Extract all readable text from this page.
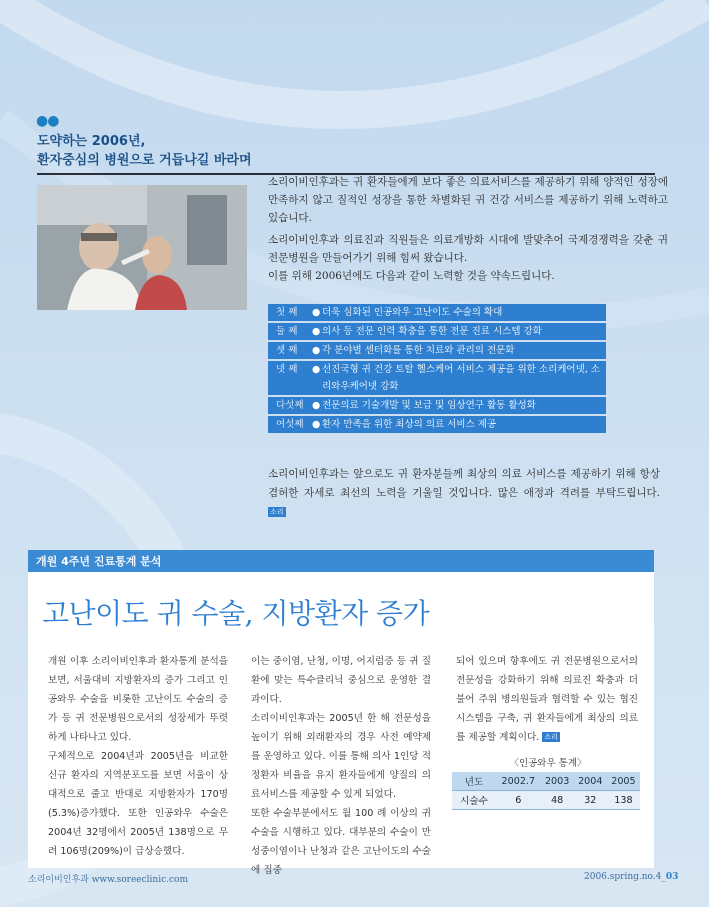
●●
도약하는 2006년,
환자중심의 병원으로 거듭나길 바라며

소리이비인후과는 귀 환자들에게 보다 좋은 의료서비스를 제공하기 위해 양적인 성장에 만족하지 않고 질적인 성장을 통한 차별화된 귀 건강 서비스를 제공하기 위해 노력하고 있습니다.

소리이비인후과 의료진과 직원들은 의료개방화 시대에 발맞추어 국제경쟁력을 갖춘 귀 전문병원을 만들어가기 위해 힘써 왔습니다.

이를 위해 2006년에도 다음과 같이 노력할 것을 약속드립니다.

첫 째	● 더욱 심화된 인공와우 고난이도 수술의 확대
둘 째	● 의사 등 전문 인력 확충을 통한 전문 진료 시스템 강화
셋 째	● 각 분야별 센터화를 통한 치료와 관리의 전문화
넷 째	● 선진국형 귀 건강 토탈 헬스케어 서비스 제공을 위한 소리케어넷, 소리와우케어넷 강화
다섯째 ● 전문의료 기술개발 및 보급 및 임상연구 활동 활성화
여섯째 ● 환자 만족을 위한 최상의 의료 서비스 제공
소리이비인후과는 앞으로도 귀 환자분들께 최상의 의료 서비스를 제공하기 위해 항상 겸허한 자세로 최선의 노력을 기울일 것입니다. 많은 애정과 격려를 부탁드립니다. 소리
개원 4주년 진료통계 분석
고난이도 귀 수술, 지방환자 증가

개원 이후 소리이비인후과 환자통계 분석을 보면, 서울대비 지방환자의 증가 그리고 인공와우 수술을 비롯한 고난이도 수술의 증가 등 귀 전문병원으로서의 성장세가 뚜렷하게 나타나고 있다.

구체적으로 2004년과 2005년을 비교한 신규 환자의 지역분포도를 보면 서울이 상대적으로 줄고 반대로 지방환자가 170명(5.3%)증가했다. 또한 인공와우 수술은 2004년 32명에서 2005년 138명으로 무려 106명(209%)이 급상승했다.

이는 중이염, 난청, 이명, 어지럼증 등 귀 질환에 맞는 특수클리닉 중심으로 운영한 결과이다.

소리이비인후과는 2005년 한 해 전문성을 높이기 위해 외래환자의 경우 사전 예약제를 운영하고 있다. 이를 통해 의사 1인당 적정환자 비율을 유지 환자들에게 양질의 의료서비스를 제공할 수 있게 되었다.

또한 수술부분에서도 월 100 례 이상의 귀 수술을 시행하고 있다. 대부분의 수술이 만성중이염이나 난청과 같은 고난이도의 수술에 집중

되어 있으며 향후에도 귀 전문병원으로서의 전문성을 강화하기 위해 의료진 확충과 더불어 주위 병의원들과 협력할 수 있는 협진 시스템을 구축, 귀 환자들에게 최상의 의료를 제공할 계획이다. 소리

〈인공와우 통계〉
년도	2002.7	2003	2004	2005
시술수	6	48	32	138
소리이비인후과 www.soreeclinic.com	2006.spring.no.4_03
